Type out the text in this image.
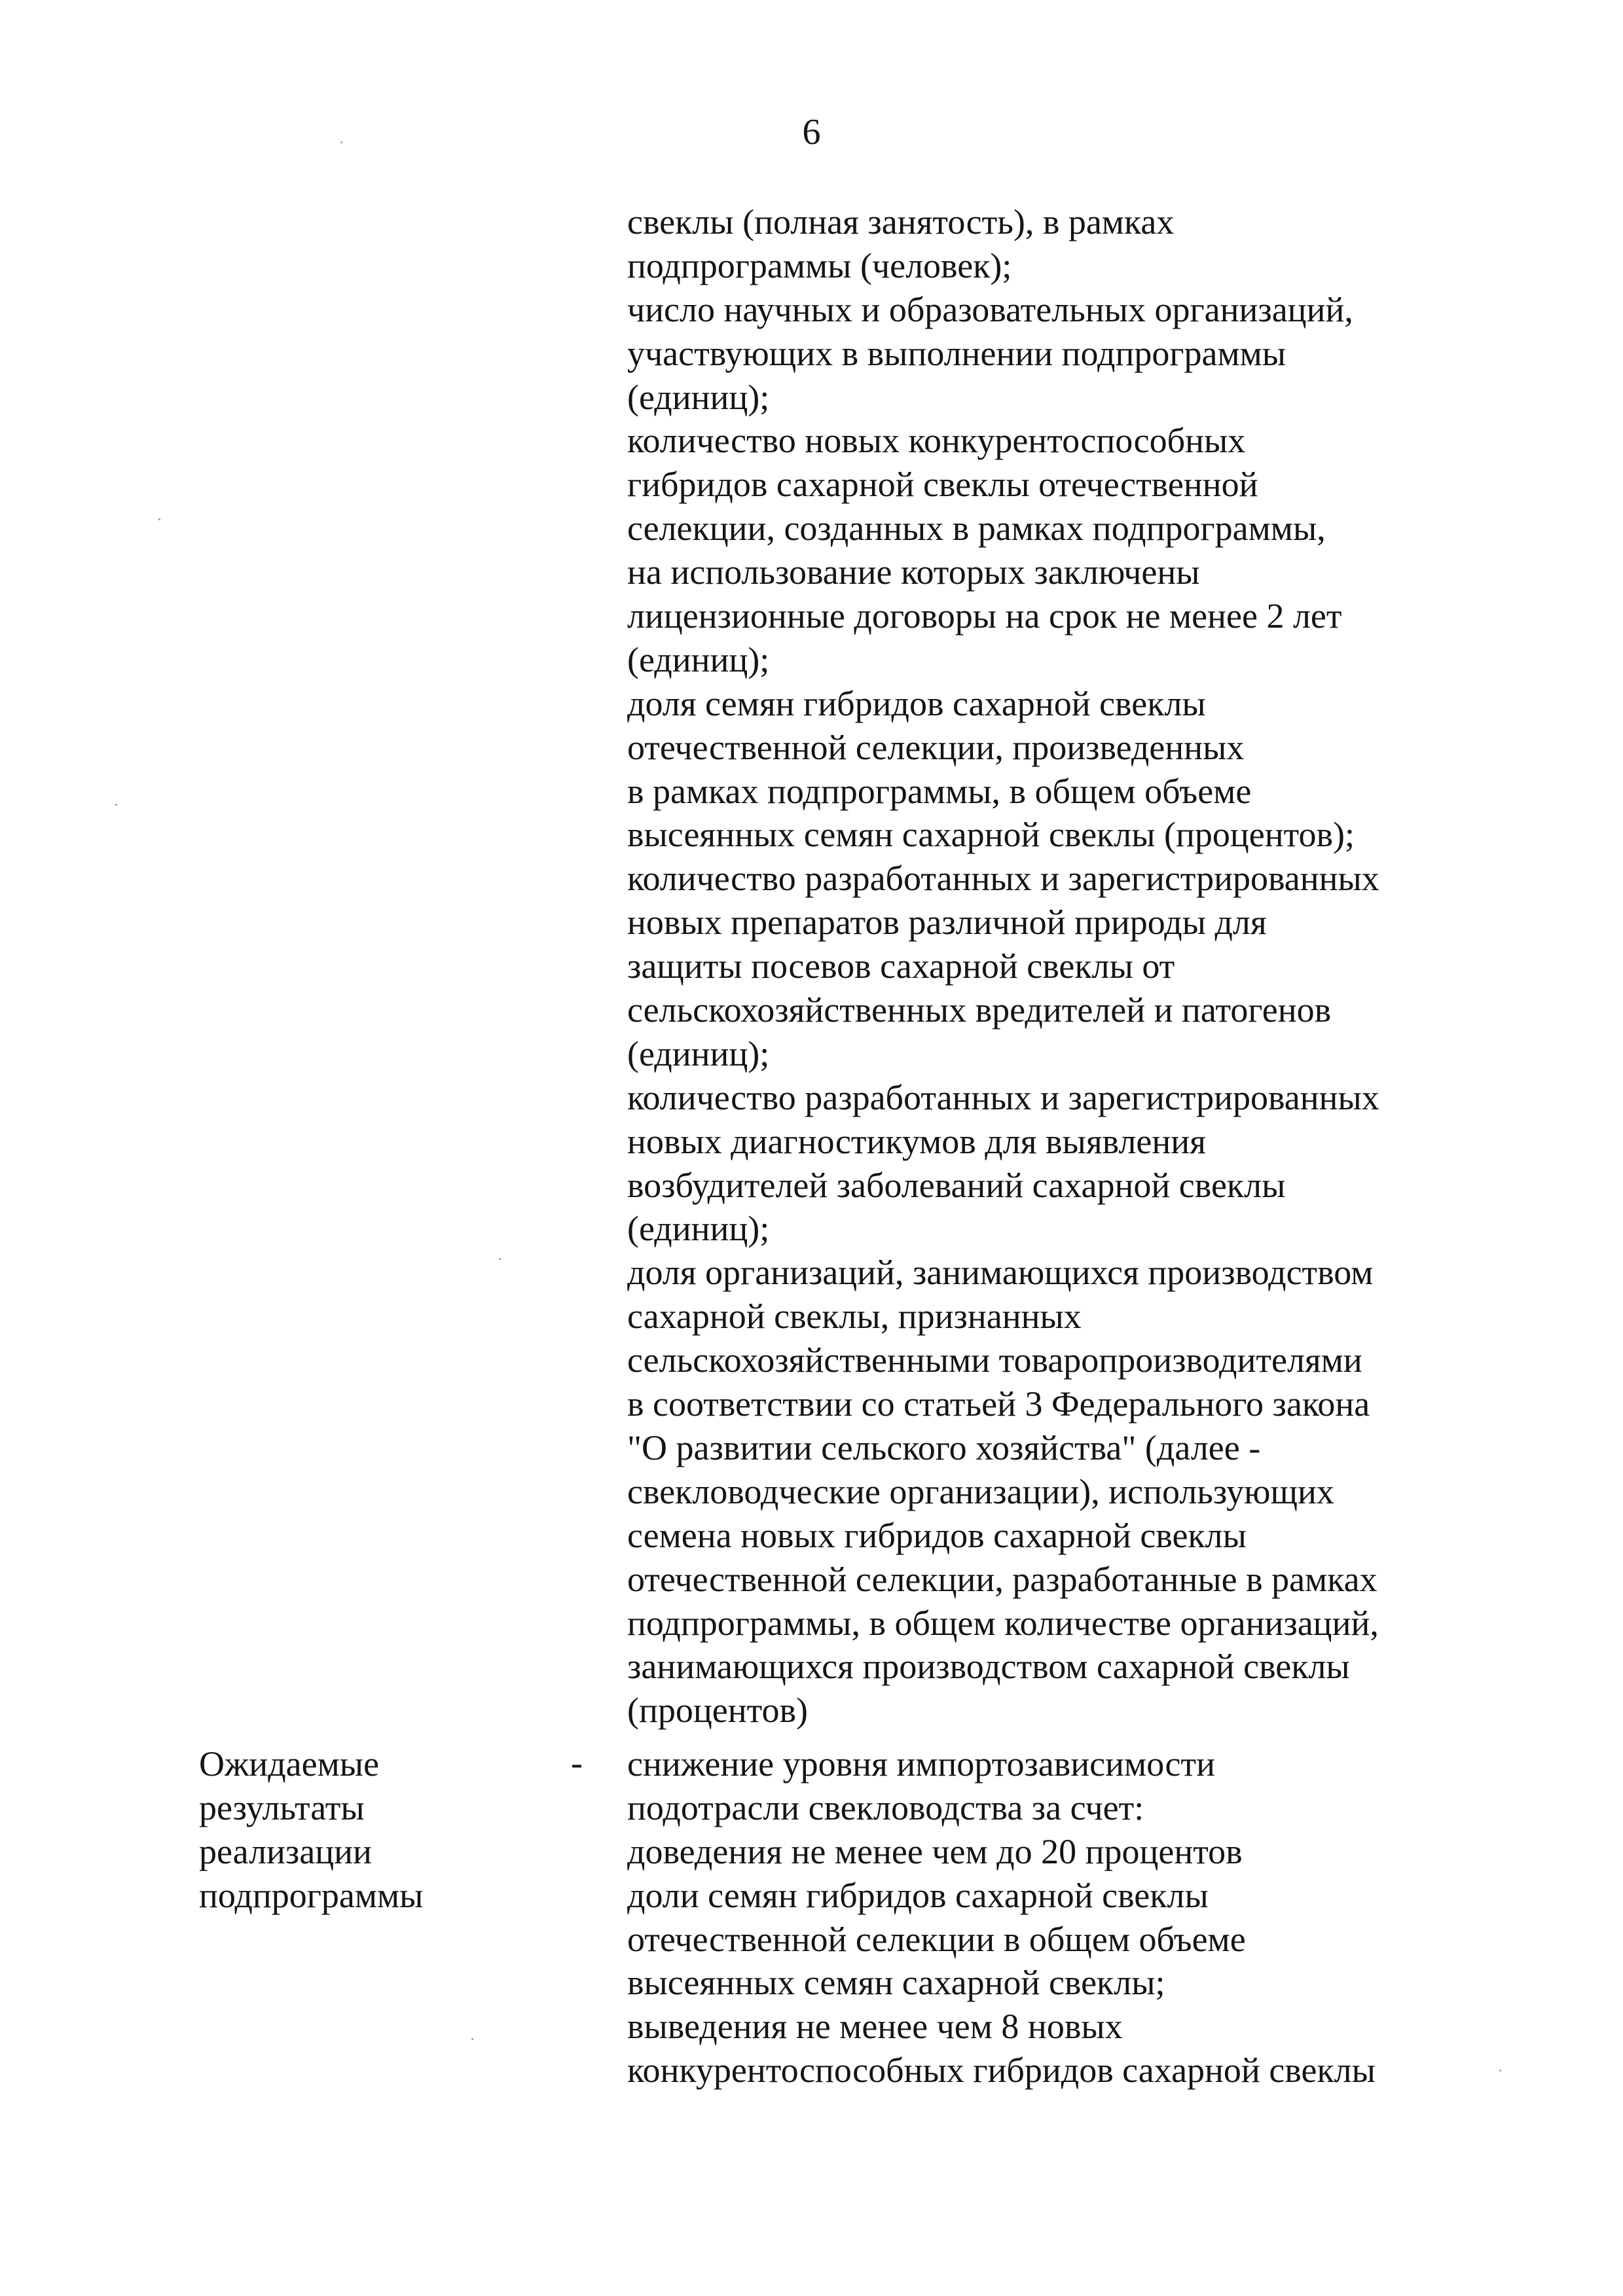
6
свеклы (полная занятость), в рамках
подпрограммы (человек);
число научных и образовательных организаций,
участвующих в выполнении подпрограммы
(единиц);
количество новых конкурентоспособных
гибридов сахарной свеклы отечественной
селекции, созданных в рамках подпрограммы,
на использование которых заключены
лицензионные договоры на срок не менее 2 лет
(единиц);
доля семян гибридов сахарной свеклы
отечественной селекции, произведенных
в рамках подпрограммы, в общем объеме
высеянных семян сахарной свеклы (процентов);
количество разработанных и зарегистрированных
новых препаратов различной природы для
защиты посевов сахарной свеклы от
сельскохозяйственных вредителей и патогенов
(единиц);
количество разработанных и зарегистрированных
новых диагностикумов для выявления
возбудителей заболеваний сахарной свеклы
(единиц);
доля организаций, занимающихся производством
сахарной свеклы, признанных
сельскохозяйственными товаропроизводителями
в соответствии со статьей 3 Федерального закона
"О развитии сельского хозяйства" (далее -
свекловодческие организации), использующих
семена новых гибридов сахарной свеклы
отечественной селекции, разработанные в рамках
подпрограммы, в общем количестве организаций,
занимающихся производством сахарной свеклы
(процентов)
Ожидаемые
результаты
реализации
подпрограммы
- снижение уровня импортозависимости
подотрасли свекловодства за счет:
доведения не менее чем до 20 процентов
доли семян гибридов сахарной свеклы
отечественной селекции в общем объеме
высеянных семян сахарной свеклы;
выведения не менее чем 8 новых
конкурентоспособных гибридов сахарной свеклы
